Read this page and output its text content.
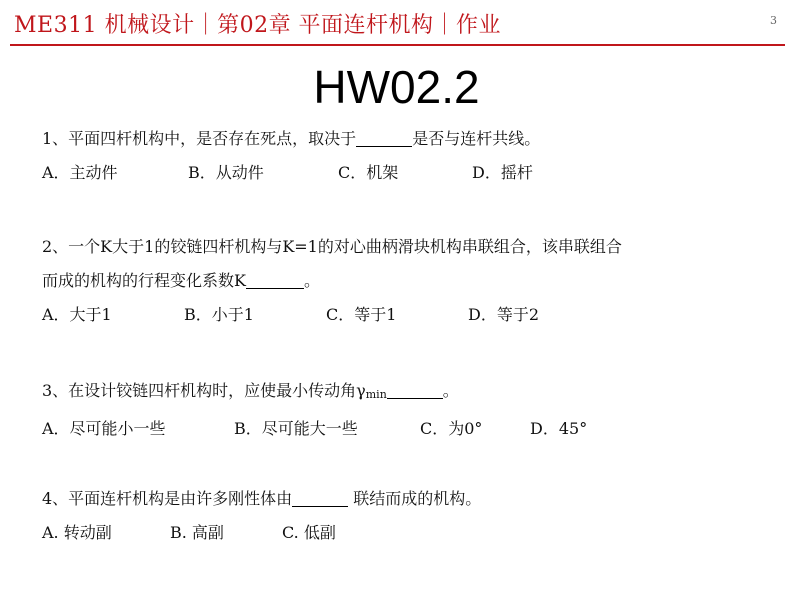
ME311 机械设计｜第02章 平面连杆机构｜作业	3
HW02.2
1、平面四杆机构中，是否存在死点，取决于	是否与连杆共线。
A．主动件	B．从动件	C．机架	D．摇杆
2、一个K大于1的铰链四杆机构与K=1的对心曲柄滑块机构串联组合，该串联组合
而成的机构的行程变化系数K	。
A．大于1	B．小于1	C．等于1	D．等于2
3、在设计铰链四杆机构时，应使最小传动角γmin	。
A．尽可能小一些	B．尽可能大一些	C．为0°	D．45°
4、平面连杆机构是由许多刚性体由	联结而成的机构。
A. 转动副	B. 高副	C. 低副
